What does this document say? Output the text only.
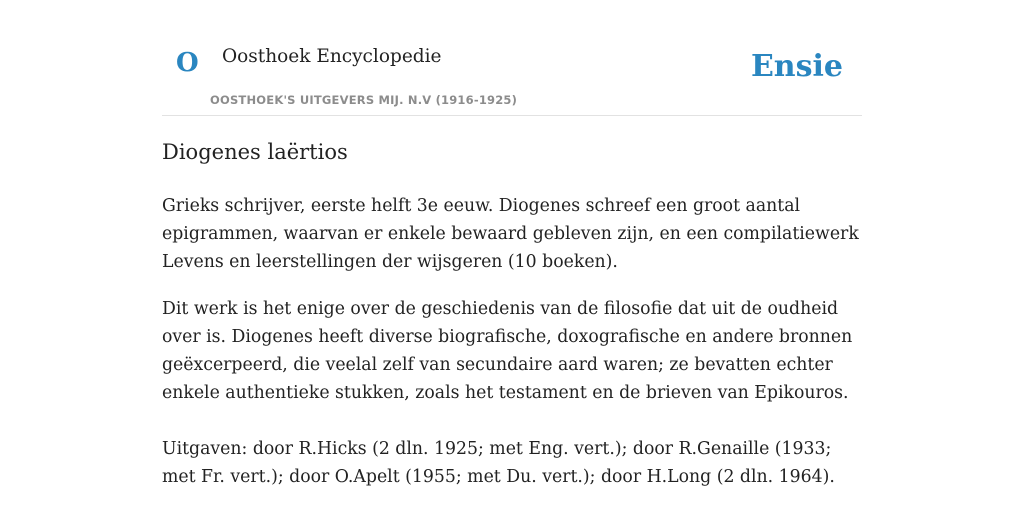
O Oosthoek Encyclopedie
OOSTHOEK'S UITGEVERS MIJ. N.V (1916-1925)
Ensie
Diogenes laërtios

Grieks schrijver, eerste helft 3e eeuw. Diogenes schreef een groot aantal epigrammen, waarvan er enkele bewaard gebleven zijn, en een compilatiewerk Levens en leerstellingen der wijsgeren (10 boeken).

Dit werk is het enige over de geschiedenis van de filosofie dat uit de oudheid over is. Diogenes heeft diverse biografische, doxografische en andere bronnen geëxcerpeerd, die veelal zelf van secundaire aard waren; ze bevatten echter enkele authentieke stukken, zoals het testament en de brieven van Epikouros.

Uitgaven: door R.Hicks (2 dln. 1925; met Eng. vert.); door R.Genaille (1933; met Fr. vert.); door O.Apelt (1955; met Du. vert.); door H.Long (2 dln. 1964).
